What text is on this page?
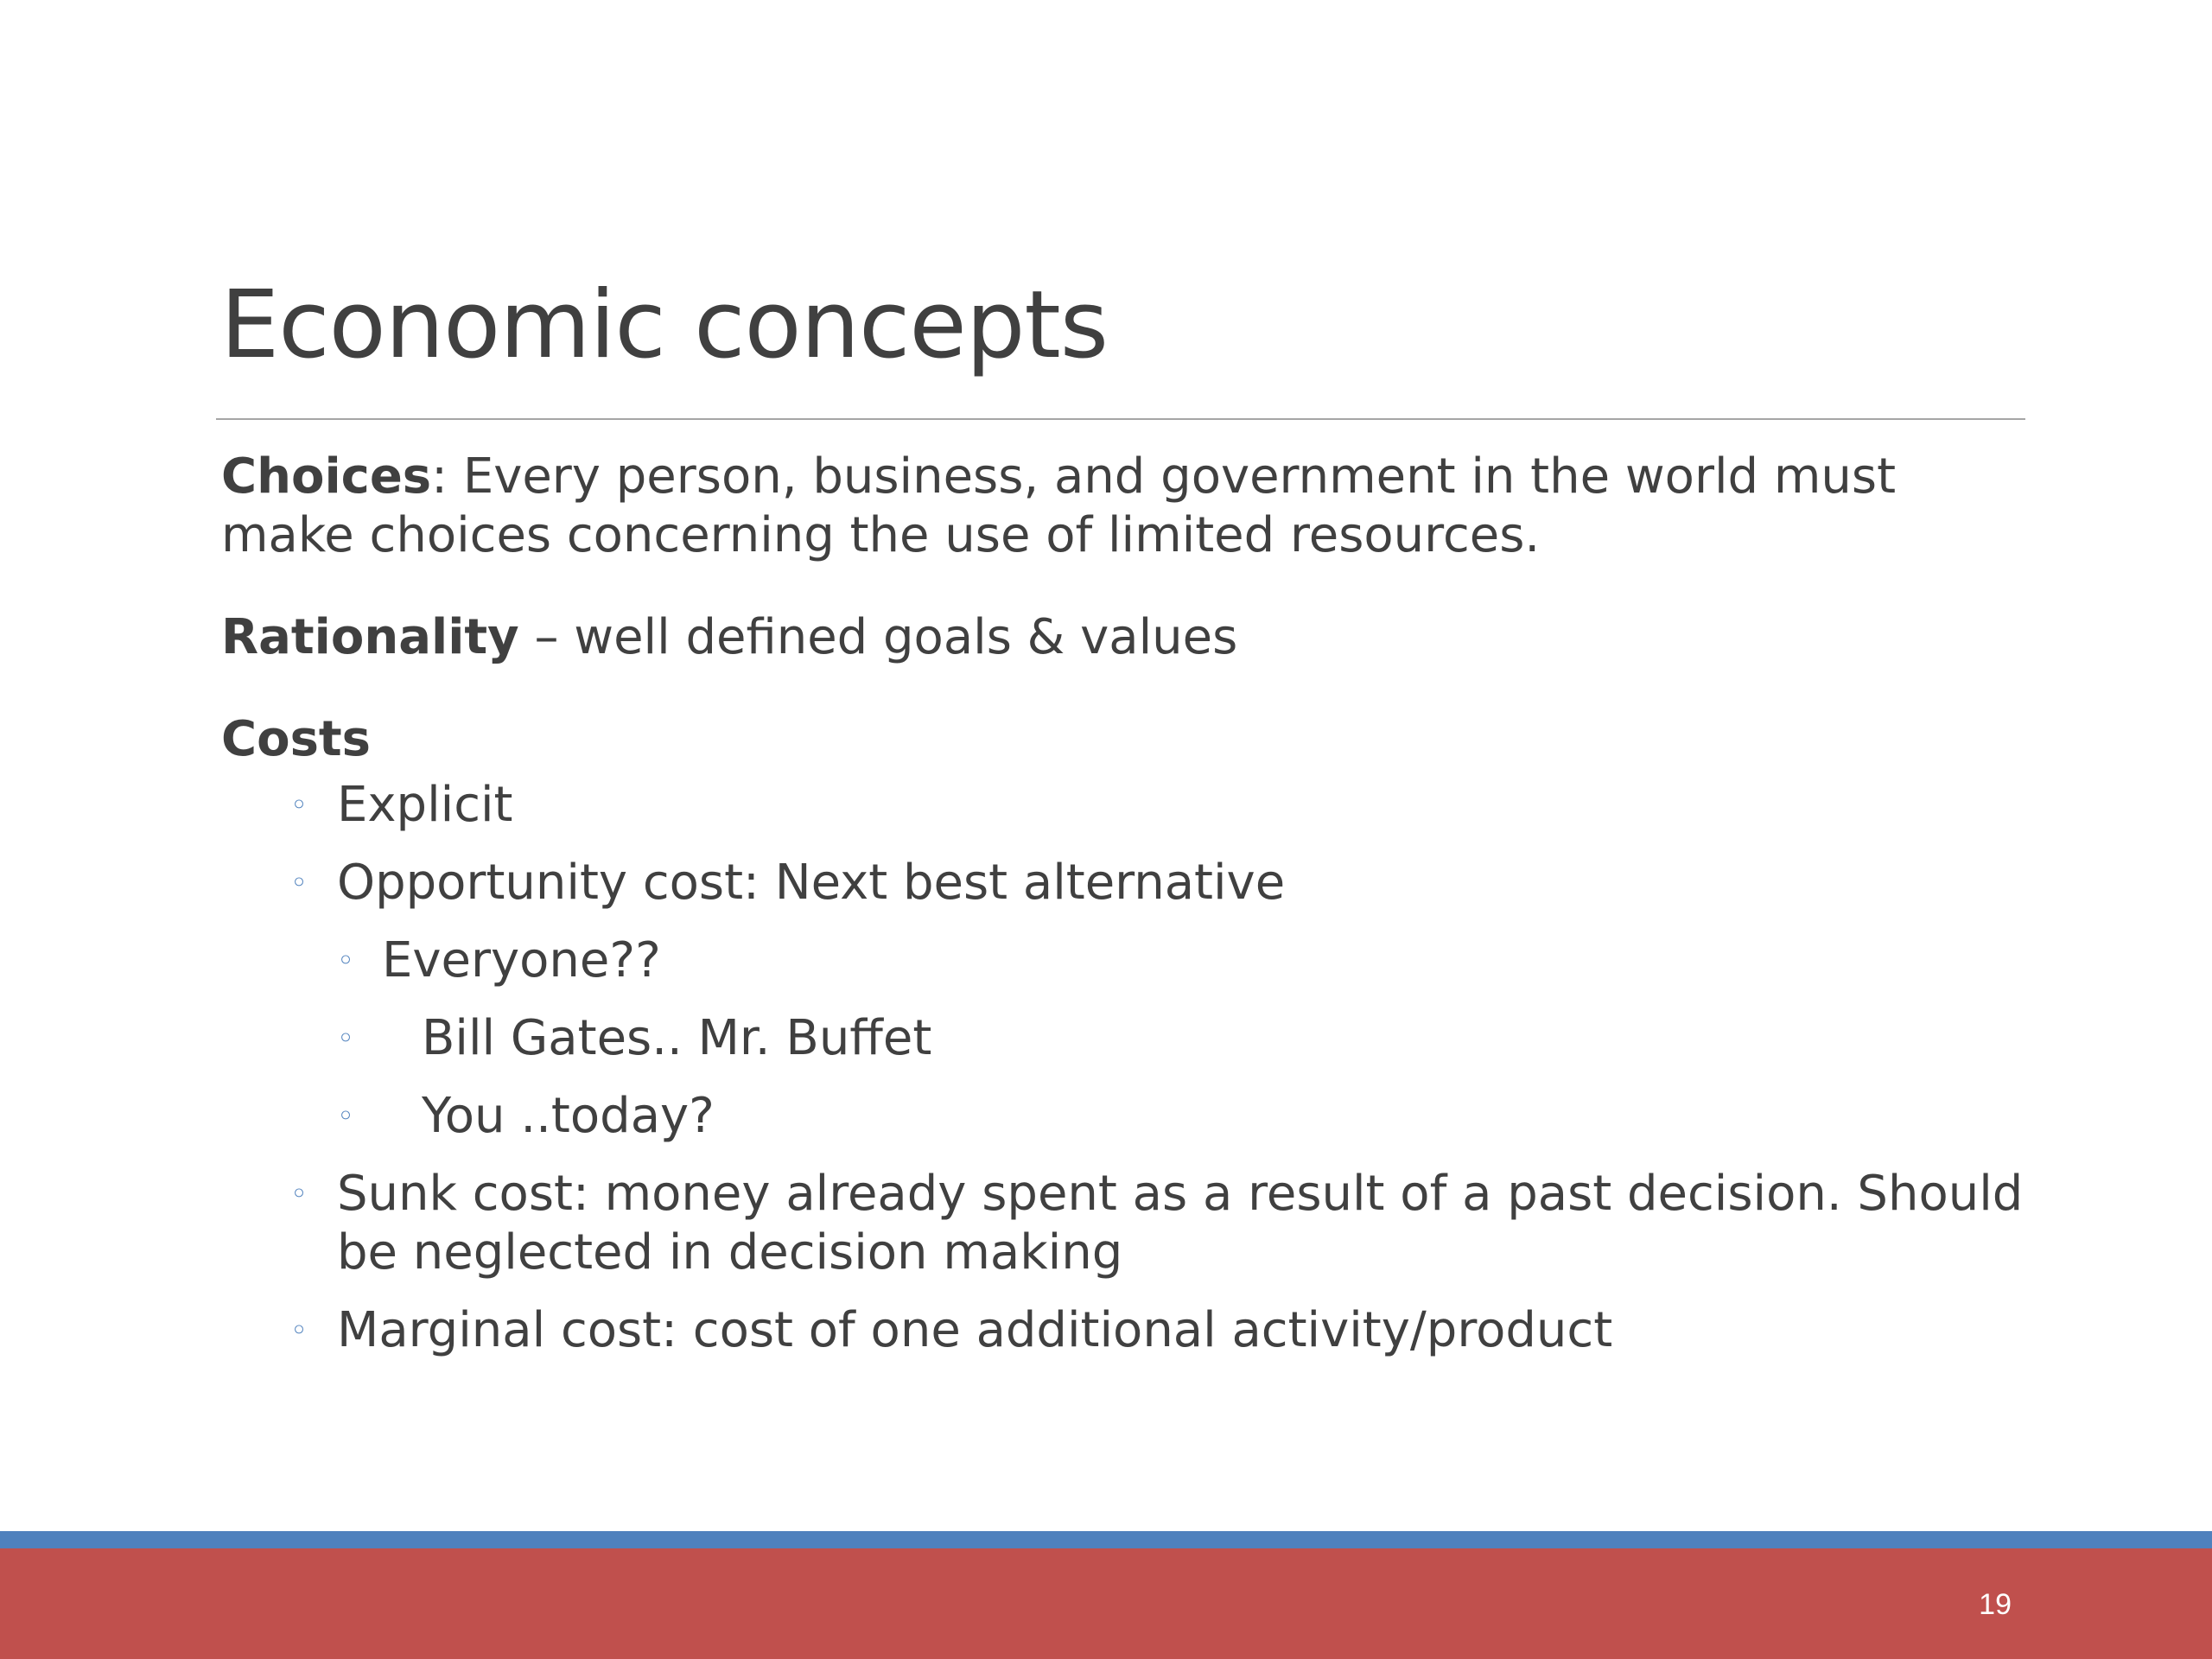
Economic concepts

Choices: Every person, business, and government in the world must make choices concerning the use of limited resources.

Rationality – well defined goals & values

Costs

◦ Explicit
◦ Opportunity cost: Next best alternative
◦ Everyone??
◦ Bill Gates.. Mr. Buffet
◦ You ..today?
◦ Sunk cost: money already spent as a result of a past decision. Should be neglected in decision making
◦ Marginal cost: cost of one additional activity/product
19
